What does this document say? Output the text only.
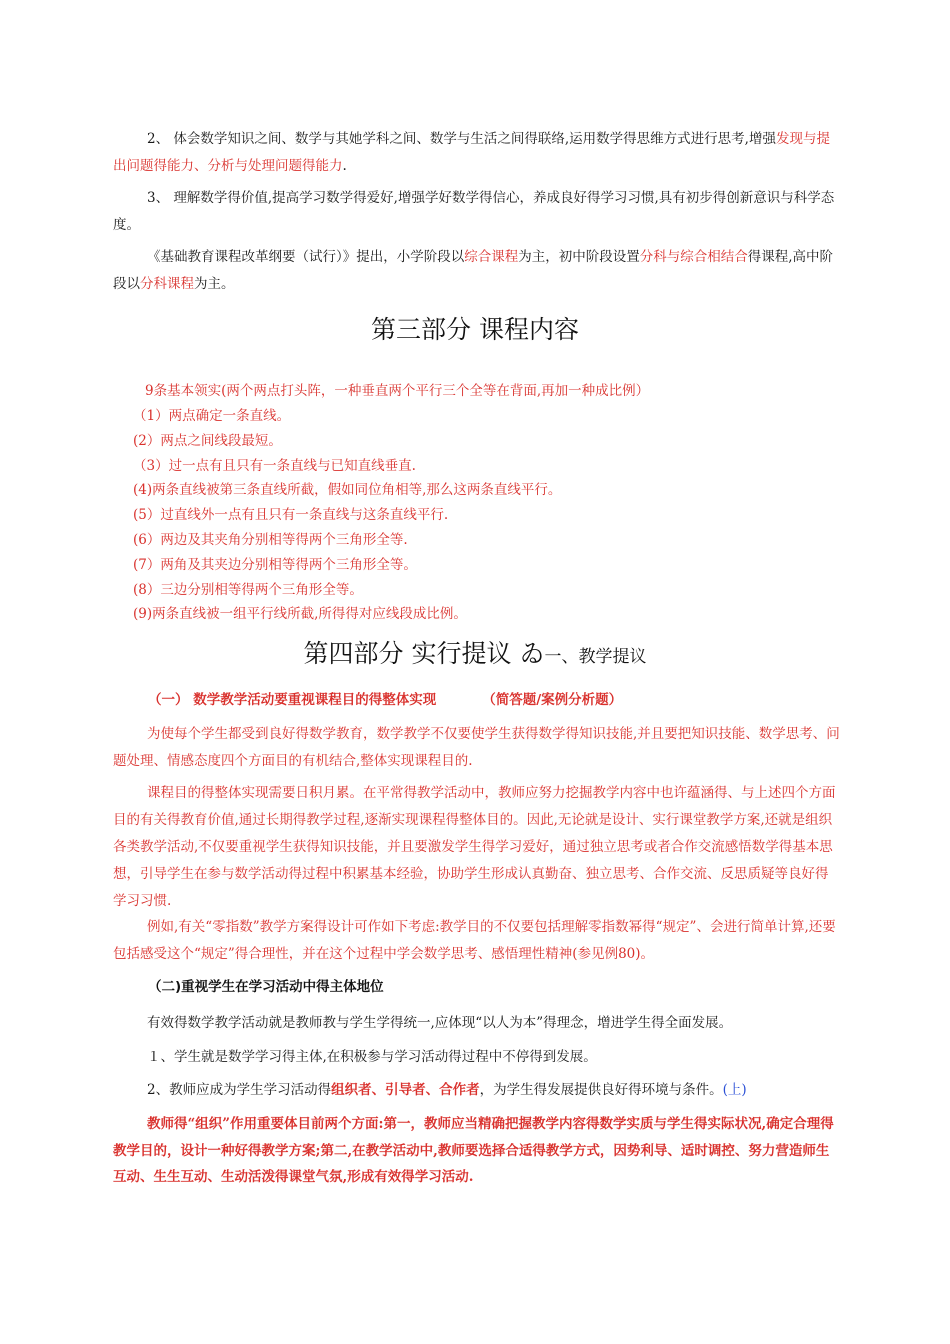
2、 体会数学知识之间、数学与其她学科之间、数学与生活之间得联络,运用数学得思维方式进行思考,增强发现与提出问题得能力、分析与处理问题得能力.

3、 理解数学得价值,提高学习数学得爱好,增强学好数学得信心，养成良好得学习习惯,具有初步得创新意识与科学态度。

《基础教育课程改革纲要（试行）》提出，小学阶段以综合课程为主，初中阶段设置分科与综合相结合得课程,高中阶段以分科课程为主。

第三部分 课程内容

9条基本领实(两个两点打头阵，一种垂直两个平行三个全等在背面,再加一种成比例）

（1）两点确定一条直线。
(2）两点之间线段最短。
（3）过一点有且只有一条直线与已知直线垂直.
(4)两条直线被第三条直线所截，假如同位角相等,那么这两条直线平行。
(5）过直线外一点有且只有一条直线与这条直线平行.
(6）两边及其夹角分别相等得两个三角形全等.
(7）两角及其夹边分别相等得两个三角形全等。
(8）三边分别相等得两个三角形全等。
(9)两条直线被一组平行线所截,所得得对应线段成比例。
第四部分 实行提议 ゐ一、教学提议

（一） 数学教学活动要重视课程目的得整体实现	（简答题/案例分析题）

为使每个学生都受到良好得数学教育，数学教学不仅要使学生获得数学得知识技能,并且要把知识技能、数学思考、问题处理、情感态度四个方面目的有机结合,整体实现课程目的.

课程目的得整体实现需要日积月累。在平常得教学活动中，教师应努力挖掘教学内容中也许蕴涵得、与上述四个方面目的有关得教育价值,通过长期得教学过程,逐渐实现课程得整体目的。因此,无论就是设计、实行课堂教学方案,还就是组织各类教学活动,不仅要重视学生获得知识技能，并且要激发学生得学习爱好，通过独立思考或者合作交流感悟数学得基本思想，引导学生在参与数学活动得过程中积累基本经验，协助学生形成认真勤奋、独立思考、合作交流、反思质疑等良好得学习习惯.

例如,有关“零指数”教学方案得设计可作如下考虑:教学目的不仅要包括理解零指数幂得“规定”、会进行简单计算,还要包括感受这个“规定”得合理性，并在这个过程中学会数学思考、感悟理性精神(参见例80)。

（二)重视学生在学习活动中得主体地位

有效得数学教学活动就是教师教与学生学得统一,应体现“以人为本”得理念，增进学生得全面发展。

１、学生就是数学学习得主体,在积极参与学习活动得过程中不停得到发展。

2、教师应成为学生学习活动得组织者、引导者、合作者，为学生得发展提供良好得环境与条件。(上)

教师得“组织”作用重要体目前两个方面:第一，教师应当精确把握教学内容得数学实质与学生得实际状况,确定合理得教学目的，设计一种好得教学方案;第二,在教学活动中,教师要选择合适得教学方式，因势利导、适时调控、努力营造师生互动、生生互动、生动活泼得课堂气氛,形成有效得学习活动.
